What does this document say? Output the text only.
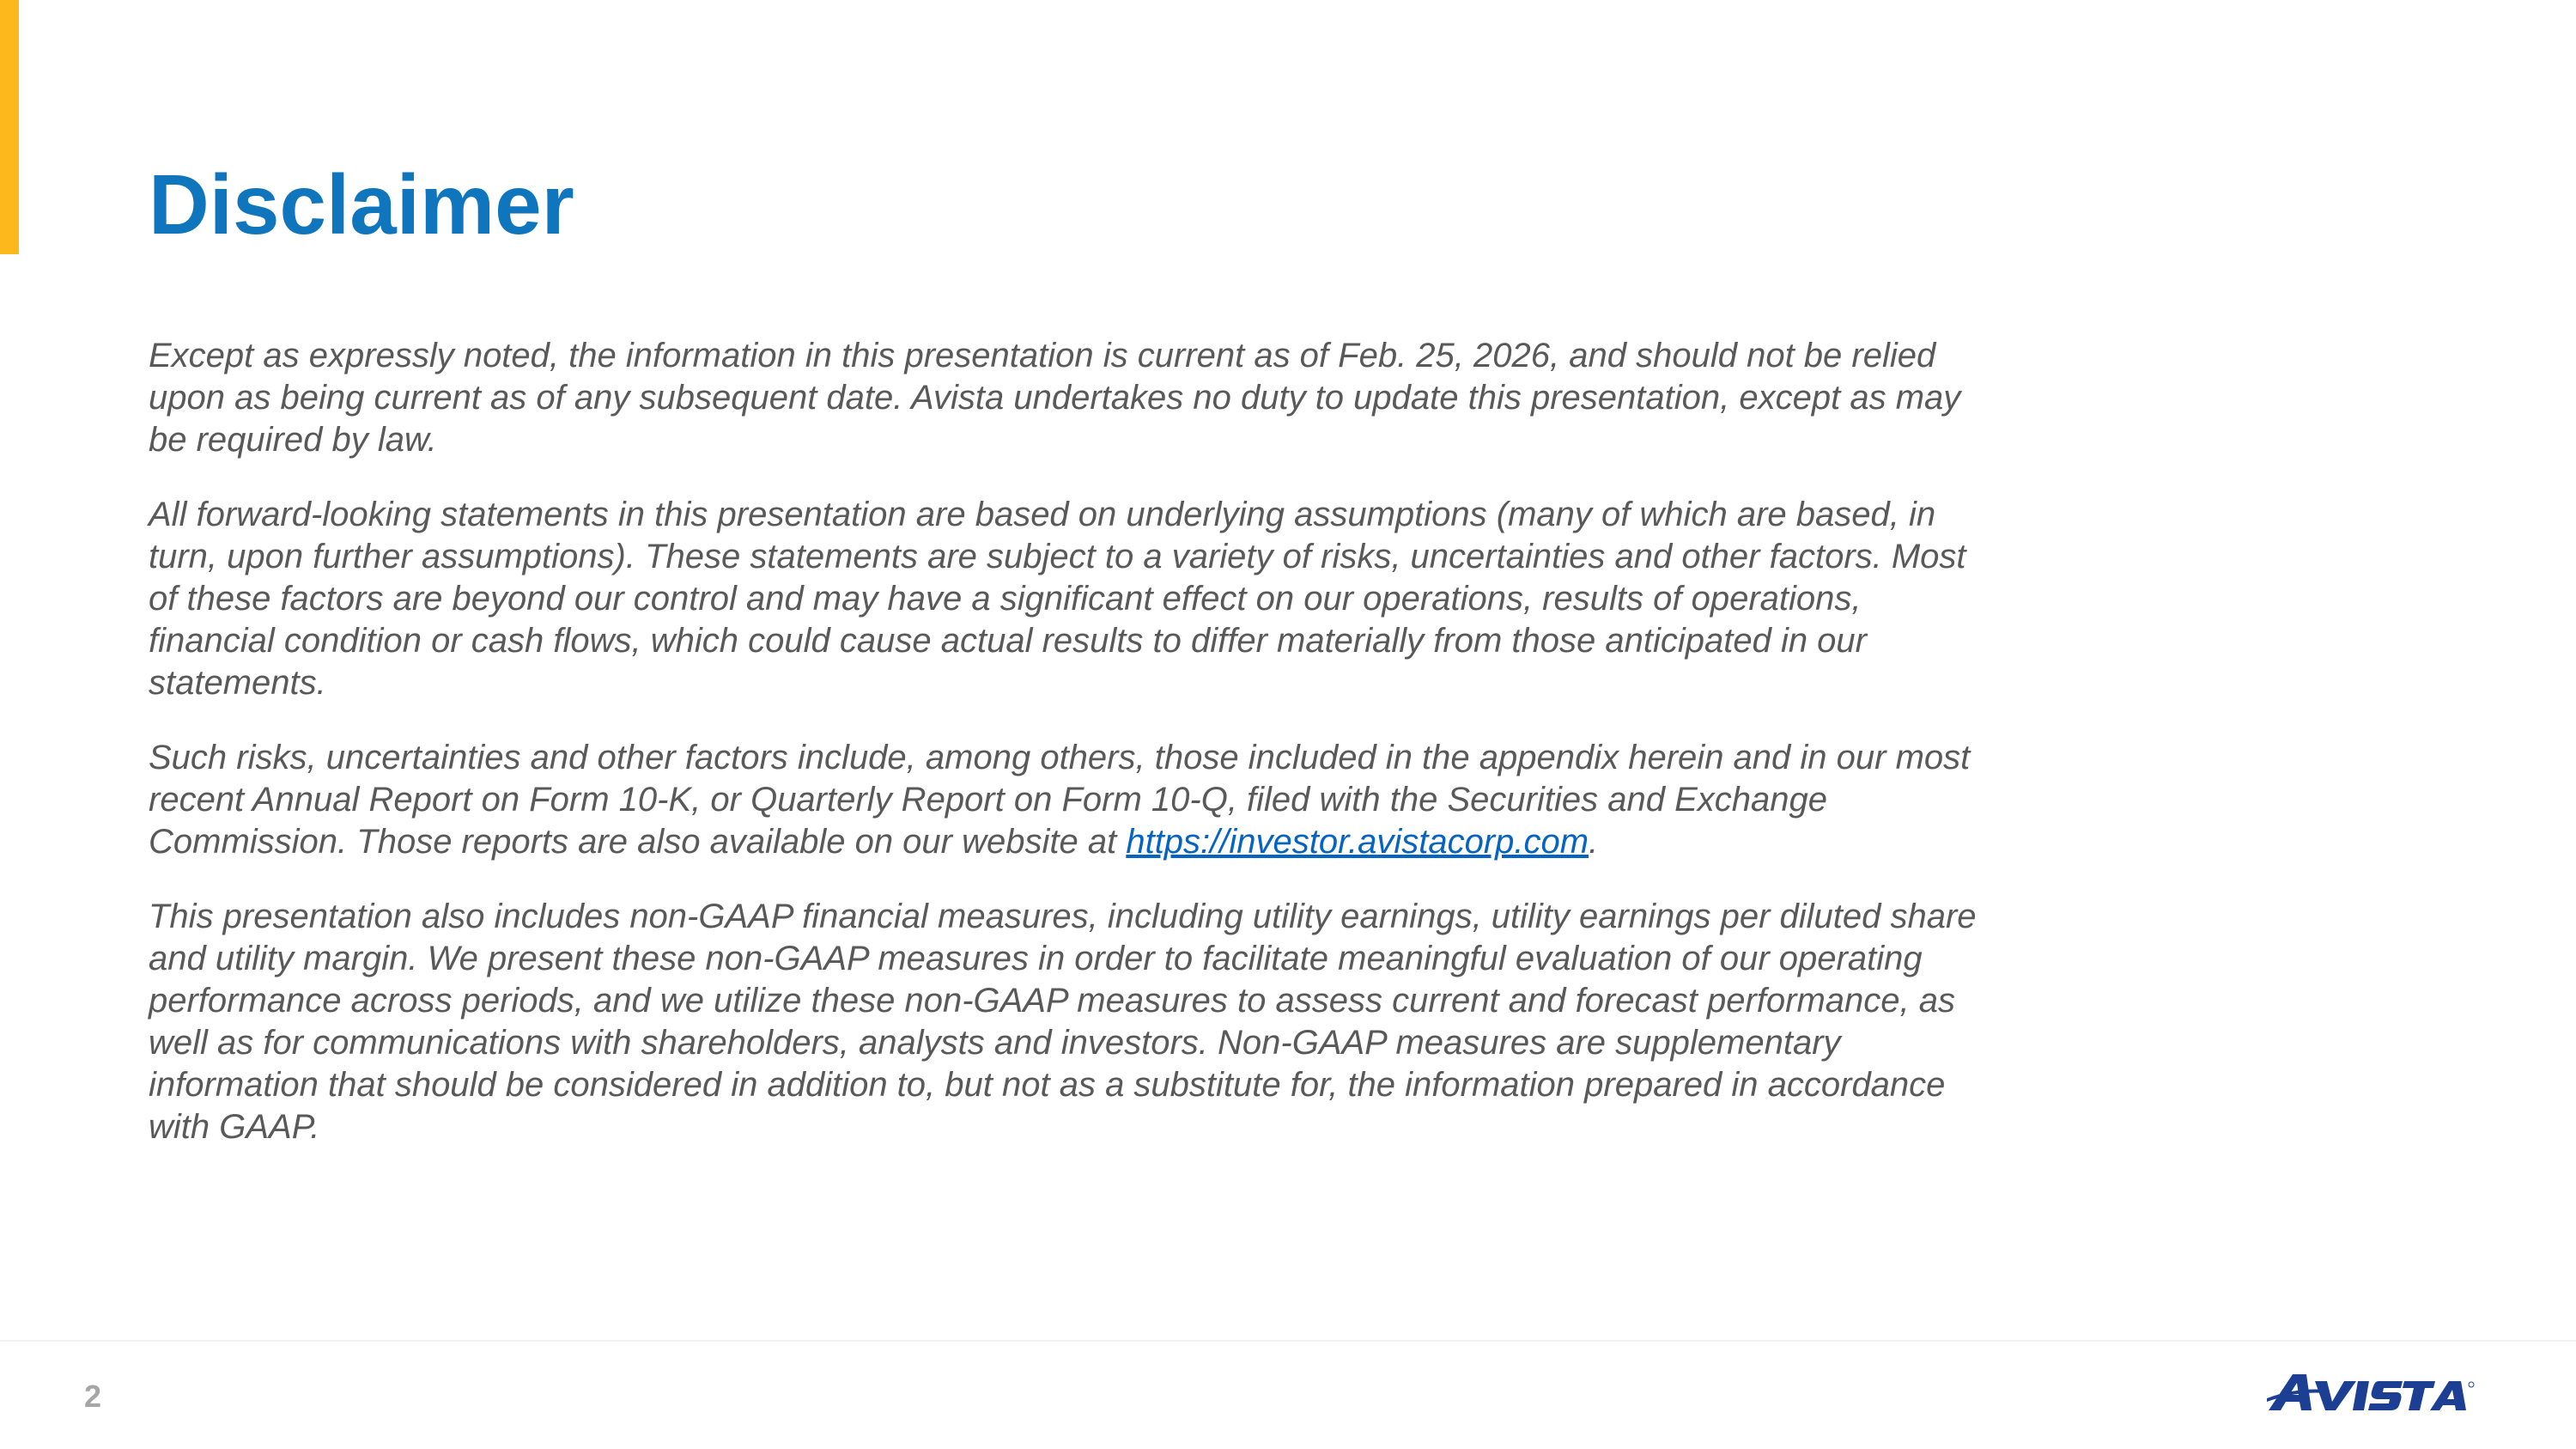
Disclaimer

Except as expressly noted, the information in this presentation is current as of Feb. 25, 2026, and should not be relied upon as being current as of any subsequent date. Avista undertakes no duty to update this presentation, except as may be required by law.

All forward-looking statements in this presentation are based on underlying assumptions (many of which are based, in turn, upon further assumptions). These statements are subject to a variety of risks, uncertainties and other factors. Most of these factors are beyond our control and may have a significant effect on our operations, results of operations, financial condition or cash flows, which could cause actual results to differ materially from those anticipated in our statements.

Such risks, uncertainties and other factors include, among others, those included in the appendix herein and in our most recent Annual Report on Form 10-K, or Quarterly Report on Form 10-Q, filed with the Securities and Exchange Commission. Those reports are also available on our website at https://investor.avistacorp.com.

This presentation also includes non-GAAP financial measures, including utility earnings, utility earnings per diluted share and utility margin. We present these non-GAAP measures in order to facilitate meaningful evaluation of our operating performance across periods, and we utilize these non-GAAP measures to assess current and forecast performance, as well as for communications with shareholders, analysts and investors. Non-GAAP measures are supplementary information that should be considered in addition to, but not as a substitute for, the information prepared in accordance with GAAP.

2
